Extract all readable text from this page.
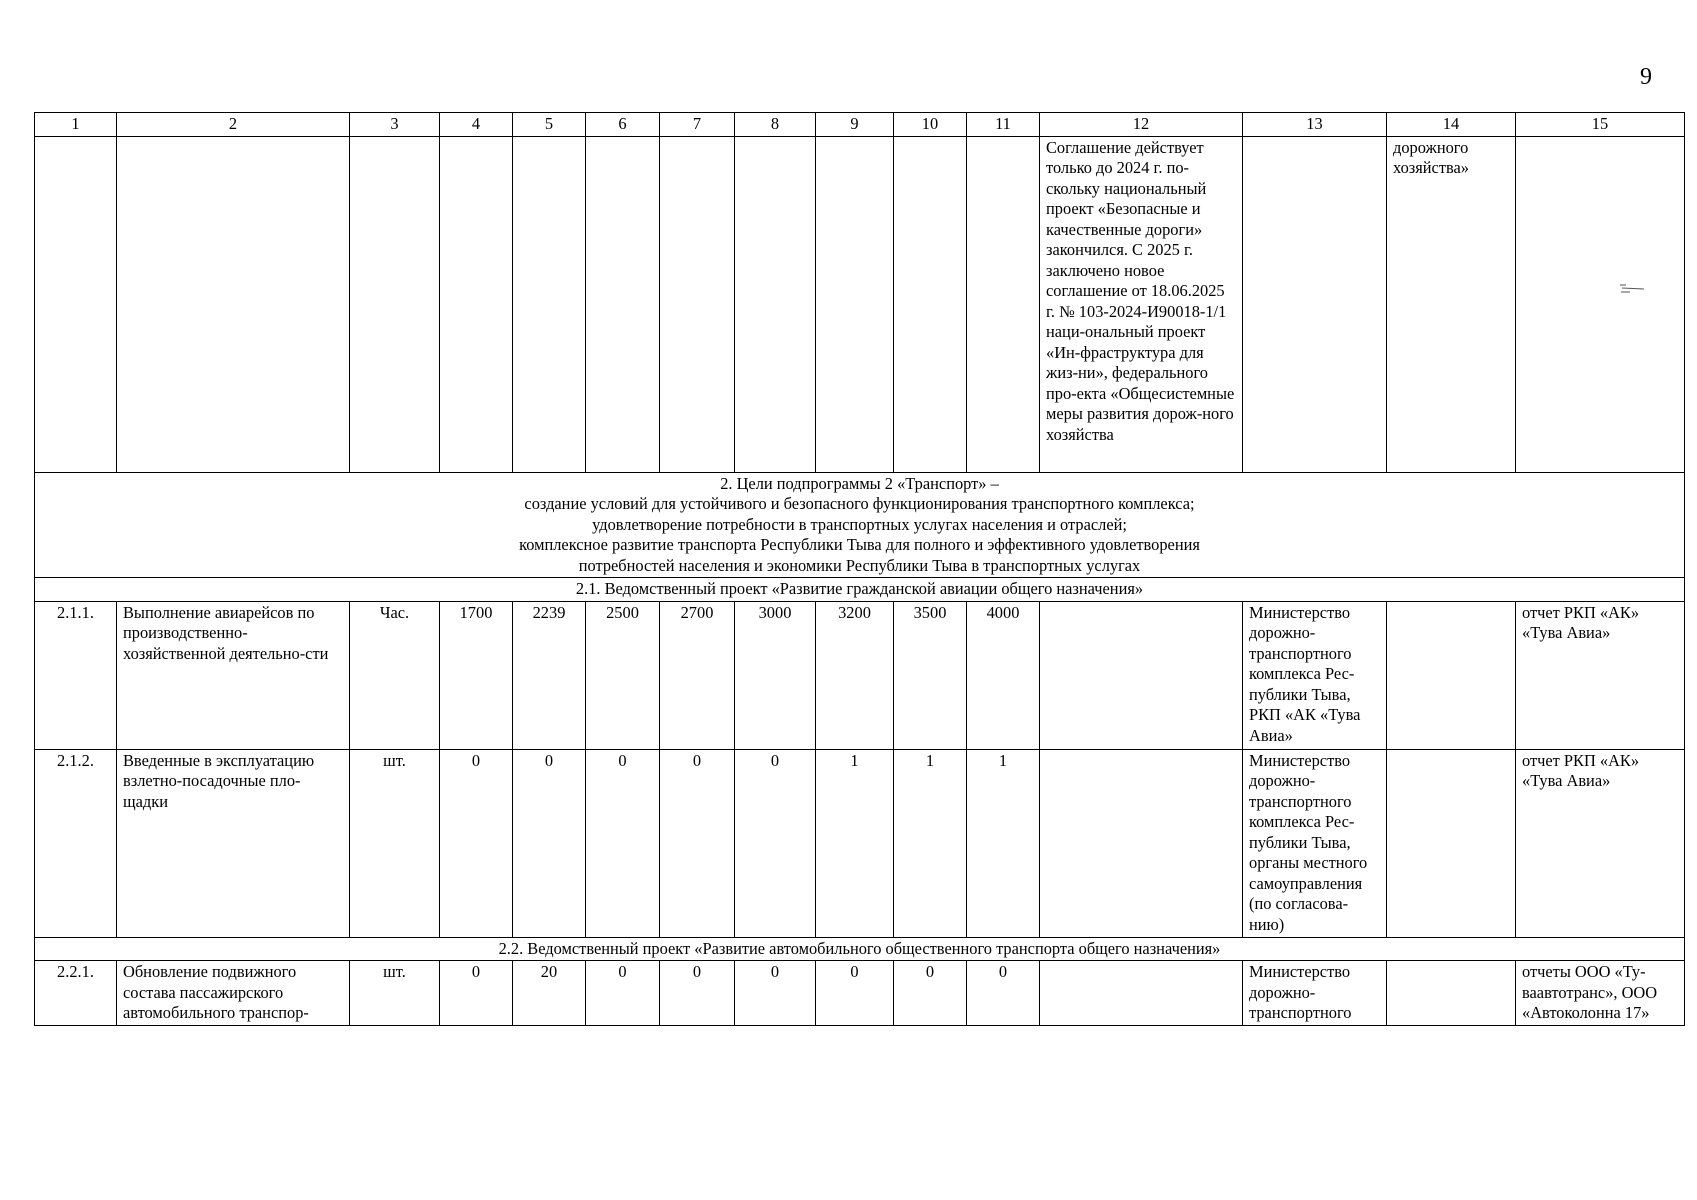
9
1	2	3	4	5	6	7	8	9	10	11	12	13	14	15
											Соглашение действует только до 2024 г. по-скольку национальный проект «Безопасные и качественные дороги» закончился. С 2025 г. заключено новое соглашение от 18.06.2025 г. № 103-2024-И90018-1/1 наци-ональный проект «Ин-фраструктура для жиз-ни», федерального про-екта «Общесистемные меры развития дорож-ного хозяйства		дорожного хозяйства»	

2. Цели подпрограммы 2 «Транспорт» –
создание условий для устойчивого и безопасного функционирования транспортного комплекса;
удовлетворение потребности в транспортных услугах населения и отраслей;
комплексное развитие транспорта Республики Тыва для полного и эффективного удовлетворения
потребностей населения и экономики Республики Тыва в транспортных услугах														

2.1. Ведомственный проект «Развитие гражданской авиации общего назначения»														
2.1.1.	Выполнение авиарейсов по производственно-хозяйственной деятельно-сти	Час.	1700	2239	2500	2700	3000	3200	3500	4000		Министерство дорожно-транспортного комплекса Рес-публики Тыва, РКП «АК «Тува Авиа»		отчет РКП «АК» «Тува Авиа»
2.1.2.	Введенные в эксплуатацию взлетно-посадочные пло-щадки	шт.	0	0	0	0	0	1	1	1		Министерство дорожно-транспортного комплекса Рес-публики Тыва, органы местного самоуправления (по согласова-нию)		отчет РКП «АК» «Тува Авиа»
2.2. Ведомственный проект «Развитие автомобильного общественного транспорта общего назначения»														
2.2.1.	Обновление подвижного состава пассажирского автомобильного транспор-	шт.	0	20	0	0	0	0	0	0		Министерство дорожно-транспортного		отчеты ООО «Ту-ваавтотранс», ООО «Автоколонна 17»
